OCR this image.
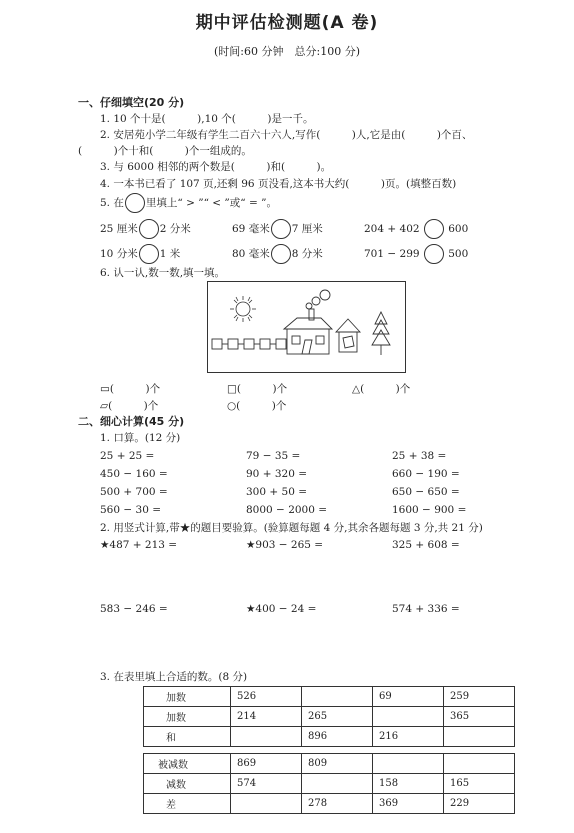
期中评估检测题(A 卷)
(时间:60 分钟　总分:100 分)
一、仔细填空(20 分)
1. 10 个十是(　　　),10 个(　　　)是一千。
2. 安居苑小学二年级有学生二百六十六人,写作(　　　)人,它是由(　　　)个百、
(　　　)个十和(　　　)个一组成的。
3. 与 6000 相邻的两个数是(　　　)和(　　　)。
4. 一本书已看了 107 页,还剩 96 页没看,这本书大约(　　　)页。(填整百数)
5. 在 里填上“ > ”“ < ”或“ = ”。
25 厘米 2 分米	69 毫米 7 厘米	204 + 402	600
10 分米 1 米	80 毫米 8 分米	701 − 299	500
6. 认一认,数一数,填一填。
▭(　　　)个	□(　　　)个	△(　　　)个
▱(　　　)个	○(　　　)个
二、细心计算(45 分)
1. 口算。(12 分)
25 + 25 =	79 − 35 =	25 + 38 =
450 − 160 =	90 + 320 =	660 − 190 =
500 + 700 =	300 + 50 =	650 − 650 =
560 − 30 =	8000 − 2000 =	1600 − 900 =
2. 用竖式计算,带★的题目要验算。(验算题每题 4 分,其余各题每题 3 分,共 21 分)
★487 + 213 =	★903 − 265 =	325 + 608 =
583 − 246 =	★400 − 24 =	574 + 336 =
3. 在表里填上合适的数。(8 分)
加数	526		69	259
加数	214	265		365
和		896	216	
被减数	869	809		
减数	574		158	165
差		278	369	229
